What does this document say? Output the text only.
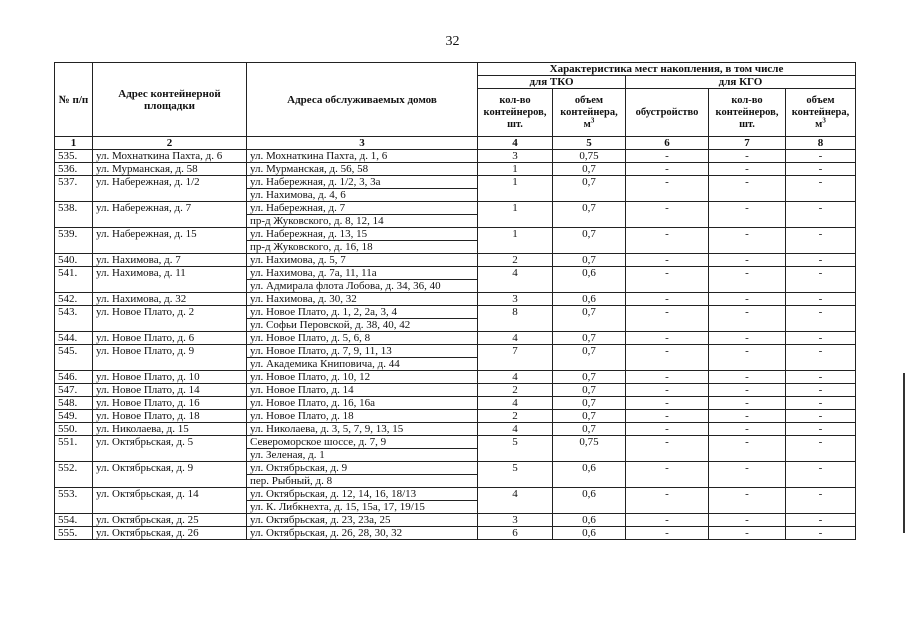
32
№ п/п	Адрес контейнерной площадки	Адреса обслуживаемых домов	Характеристика мест накопления, в том числе				
			для ТКО		для КГО		
			кол-во контейнеров, шт.	объем контейнера, $м^3$	обустройство	кол-во контейнеров, шт.	объем контейнера, $м^3$
1	2	3	4	5	6	7	8
535.	ул. Мохнаткина Пахта, д. 6	ул. Мохнаткина Пахта, д. 1, 6	3	0,75	-	-	-
536.	ул. Мурманская, д. 58	ул. Мурманская, д. 56, 58	1	0,7	-	-	-
537.	ул. Набережная, д. 1/2	ул. Набережная, д. 1/2, 3, 3а	1	0,7	-	-	-
		ул. Нахимова, д. 4, 6					
538.	ул. Набережная, д. 7	ул. Набережная, д. 7	1	0,7	-	-	-
		пр-д Жуковского, д. 8, 12, 14					
539.	ул. Набережная, д. 15	ул. Набережная, д. 13, 15	1	0,7	-	-	-
		пр-д Жуковского, д. 16, 18					
540.	ул. Нахимова, д. 7	ул. Нахимова, д. 5, 7	2	0,7	-	-	-
541.	ул. Нахимова, д. 11	ул. Нахимова, д. 7а, 11, 11а	4	0,6	-	-	-
		ул. Адмирала флота Лобова, д. 34, 36, 40					
542.	ул. Нахимова, д. 32	ул. Нахимова, д. 30, 32	3	0,6	-	-	-
543.	ул. Новое Плато, д. 2	ул. Новое Плато, д. 1, 2, 2а, 3, 4	8	0,7	-	-	-
		ул. Софьи Перовской, д. 38, 40, 42					
544.	ул. Новое Плато, д. 6	ул. Новое Плато, д. 5, 6, 8	4	0,7	-	-	-
545.	ул. Новое Плато, д. 9	ул. Новое Плато, д. 7, 9, 11, 13	7	0,7	-	-	-
		ул. Академика Книповича, д. 44					
546.	ул. Новое Плато, д. 10	ул. Новое Плато, д. 10, 12	4	0,7	-	-	-
547.	ул. Новое Плато, д. 14	ул. Новое Плато, д. 14	2	0,7	-	-	-
548.	ул. Новое Плато, д. 16	ул. Новое Плато, д. 16, 16а	4	0,7	-	-	-
549.	ул. Новое Плато, д. 18	ул. Новое Плато, д. 18	2	0,7	-	-	-
550.	ул. Николаева, д. 15	ул. Николаева, д. 3, 5, 7, 9, 13, 15	4	0,7	-	-	-
551.	ул. Октябрьская, д. 5	Североморское шоссе, д. 7, 9	5	0,75	-	-	-
		ул. Зеленая, д. 1					
552.	ул. Октябрьская, д. 9	ул. Октябрьская, д. 9	5	0,6	-	-	-
		пер. Рыбный, д. 8					
553.	ул. Октябрьская, д. 14	ул. Октябрьская, д. 12, 14, 16, 18/13	4	0,6	-	-	-
		ул. К. Либкнехта, д. 15, 15а, 17, 19/15					
554.	ул. Октябрьская, д. 25	ул. Октябрьская, д. 23, 23а, 25	3	0,6	-	-	-
555.	ул. Октябрьская, д. 26	ул. Октябрьская, д. 26, 28, 30, 32	6	0,6	-	-	-
